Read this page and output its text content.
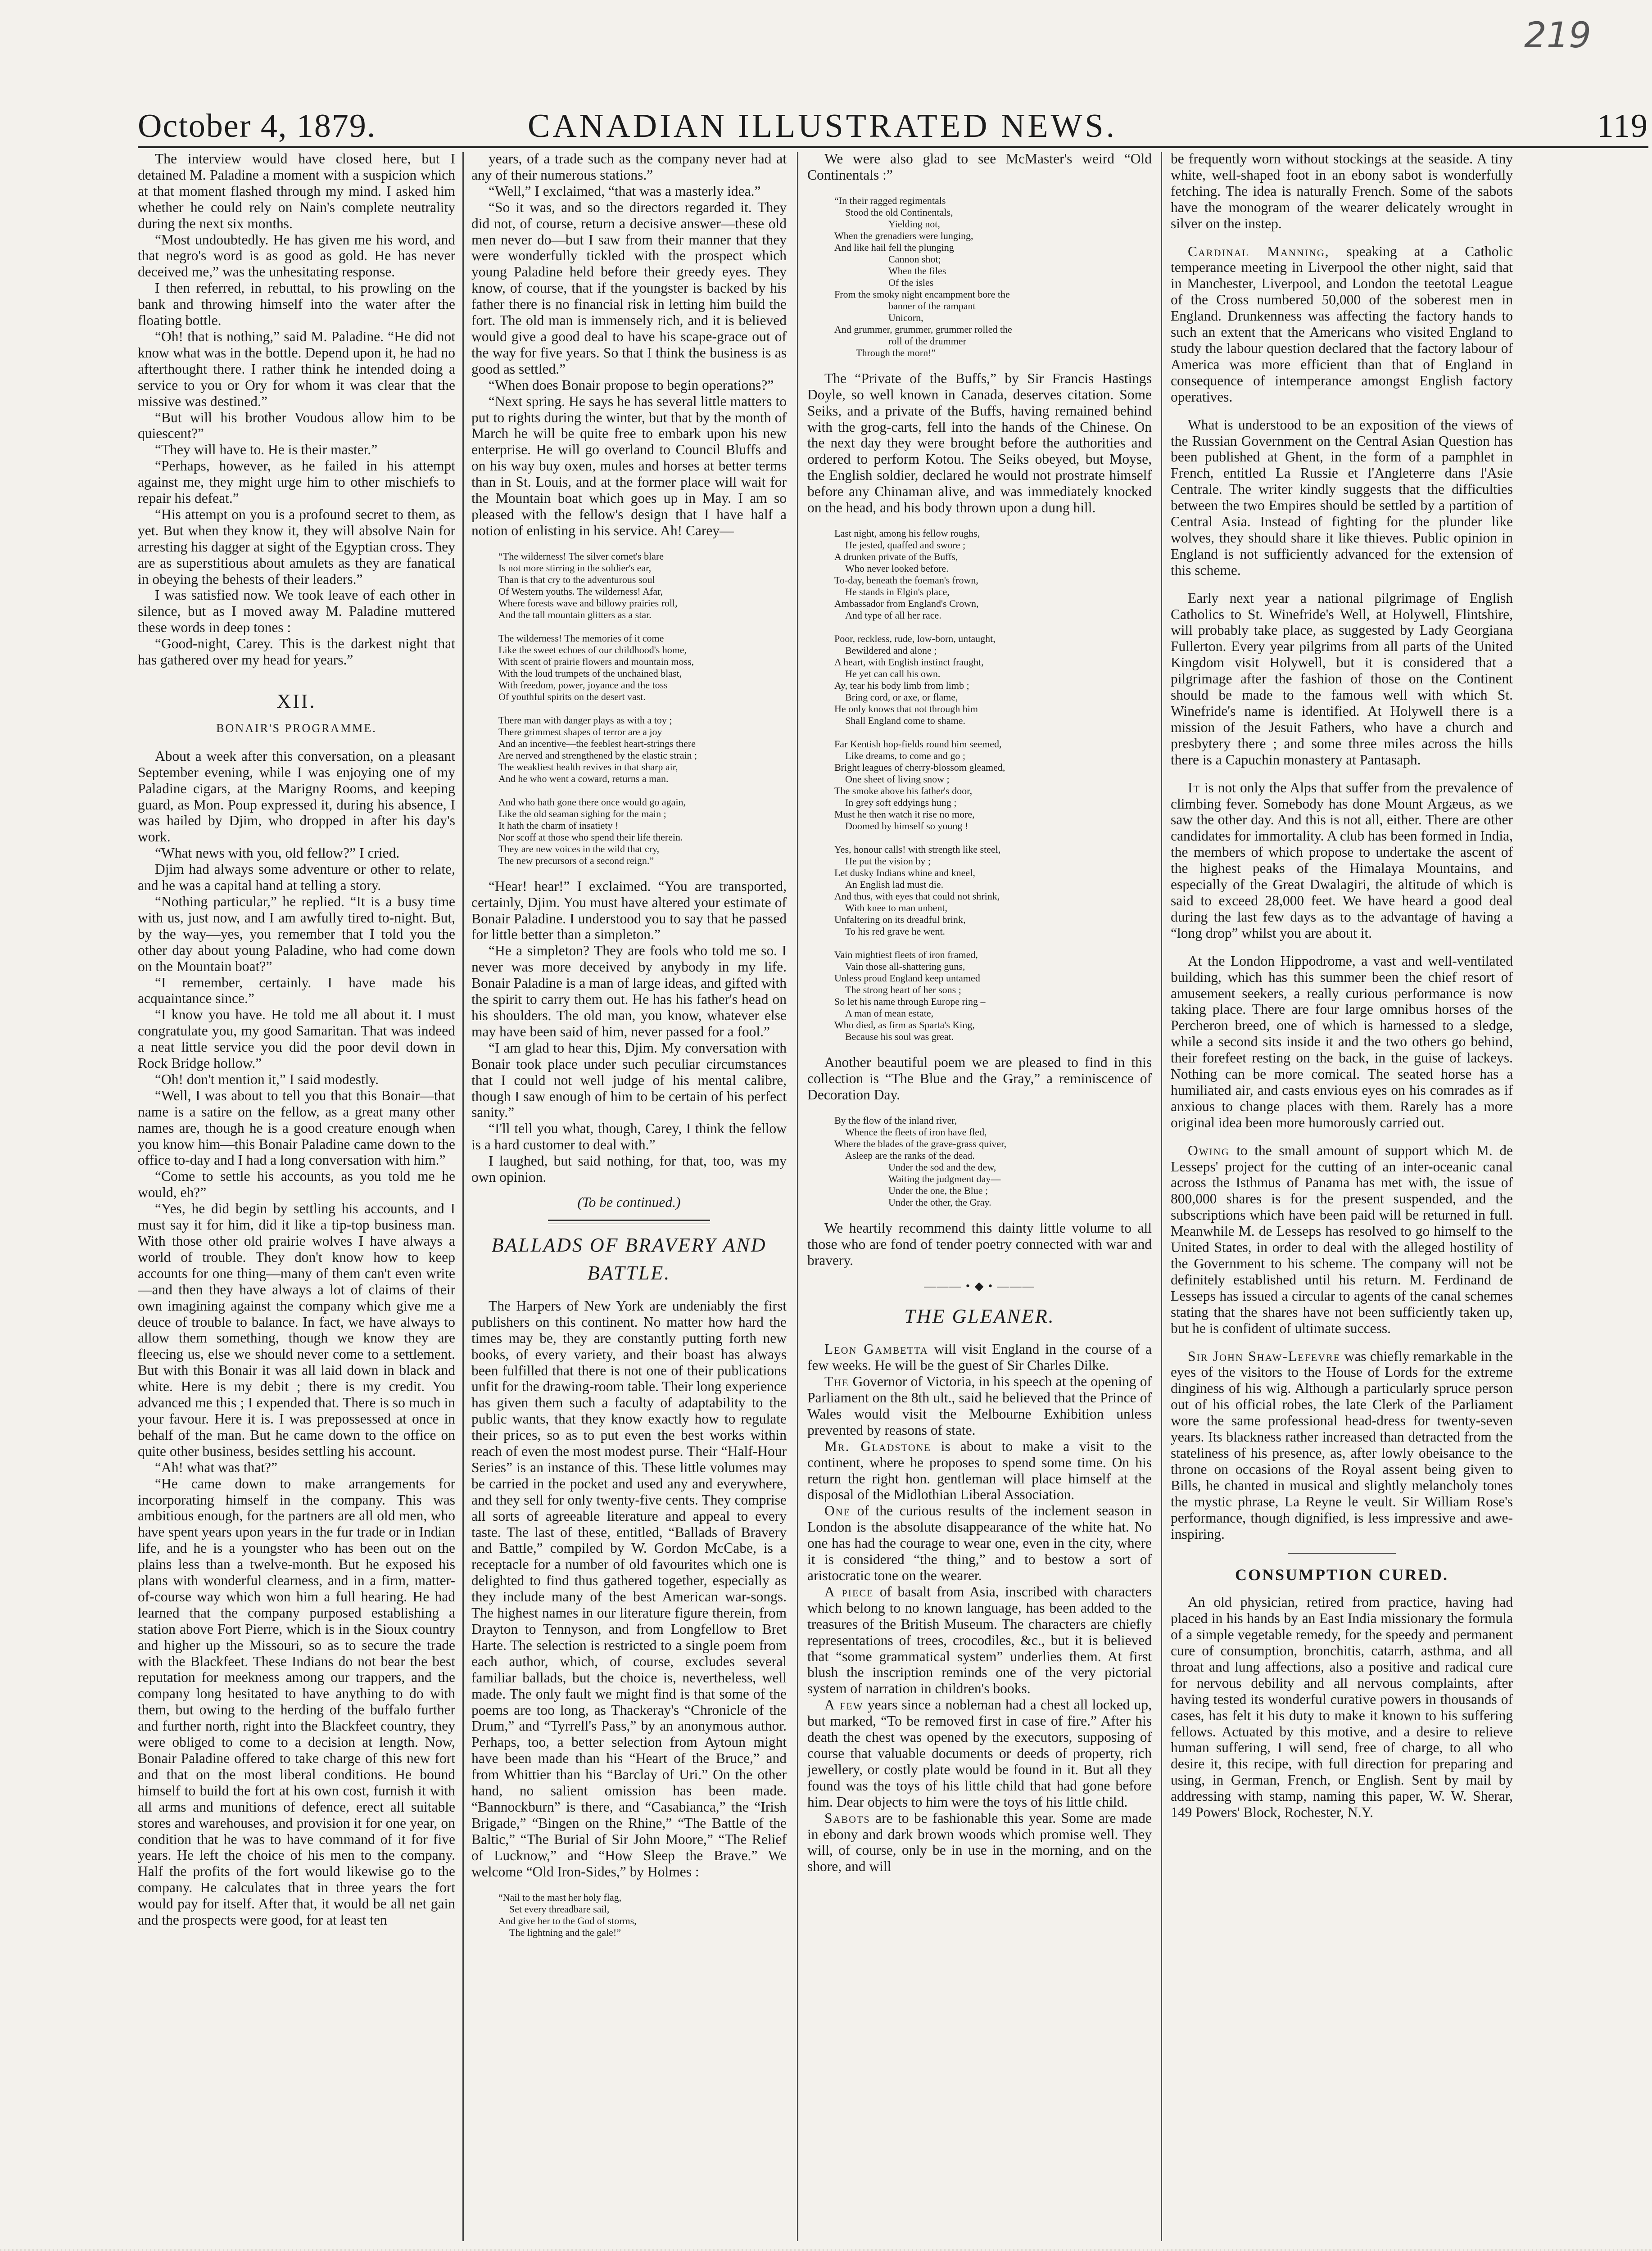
219
October 4, 1879.	CANADIAN ILLUSTRATED NEWS.	119

The interview would have closed here, but I detained M. Paladine a moment with a suspicion which at that moment flashed through my mind. I asked him whether he could rely on Nain's complete neutrality during the next six months.

“Most undoubtedly. He has given me his word, and that negro's word is as good as gold. He has never deceived me,” was the unhesitating response.

I then referred, in rebuttal, to his prowling on the bank and throwing himself into the water after the floating bottle.

“Oh! that is nothing,” said M. Paladine. “He did not know what was in the bottle. Depend upon it, he had no afterthought there. I rather think he intended doing a service to you or Ory for whom it was clear that the missive was destined.”

“But will his brother Voudous allow him to be quiescent?”

“They will have to. He is their master.”

“Perhaps, however, as he failed in his attempt against me, they might urge him to other mischiefs to repair his defeat.”

“His attempt on you is a profound secret to them, as yet. But when they know it, they will absolve Nain for arresting his dagger at sight of the Egyptian cross. They are as superstitious about amulets as they are fanatical in obeying the behests of their leaders.”

I was satisfied now. We took leave of each other in silence, but as I moved away M. Paladine muttered these words in deep tones :

“Good-night, Carey. This is the darkest night that has gathered over my head for years.”

XII.
BONAIR'S PROGRAMME.

About a week after this conversation, on a pleasant September evening, while I was enjoying one of my Paladine cigars, at the Marigny Rooms, and keeping guard, as Mon. Poup expressed it, during his absence, I was hailed by Djim, who dropped in after his day's work.

“What news with you, old fellow?” I cried.

Djim had always some adventure or other to relate, and he was a capital hand at telling a story.

“Nothing particular,” he replied. “It is a busy time with us, just now, and I am awfully tired to-night. But, by the way—yes, you remember that I told you the other day about young Paladine, who had come down on the Mountain boat?”

“I remember, certainly. I have made his acquaintance since.”

“I know you have. He told me all about it. I must congratulate you, my good Samaritan. That was indeed a neat little service you did the poor devil down in Rock Bridge hollow.”

“Oh! don't mention it,” I said modestly.

“Well, I was about to tell you that this Bonair—that name is a satire on the fellow, as a great many other names are, though he is a good creature enough when you know him—this Bonair Paladine came down to the office to-day and I had a long conversation with him.”

“Come to settle his accounts, as you told me he would, eh?”

“Yes, he did begin by settling his accounts, and I must say it for him, did it like a tip-top business man. With those other old prairie wolves I have always a world of trouble. They don't know how to keep accounts for one thing—many of them can't even write—and then they have always a lot of claims of their own imagining against the company which give me a deuce of trouble to balance. In fact, we have always to allow them something, though we know they are fleecing us, else we should never come to a settlement. But with this Bonair it was all laid down in black and white. Here is my debit ; there is my credit. You advanced me this ; I expended that. There is so much in your favour. Here it is. I was prepossessed at once in behalf of the man. But he came down to the office on quite other business, besides settling his account.

“Ah! what was that?”

“He came down to make arrangements for incorporating himself in the company. This was ambitious enough, for the partners are all old men, who have spent years upon years in the fur trade or in Indian life, and he is a youngster who has been out on the plains less than a twelve-month. But he exposed his plans with wonderful clearness, and in a firm, matter-of-course way which won him a full hearing. He had learned that the company purposed establishing a station above Fort Pierre, which is in the Sioux country and higher up the Missouri, so as to secure the trade with the Blackfeet. These Indians do not bear the best reputation for meekness among our trappers, and the company long hesitated to have anything to do with them, but owing to the herding of the buffalo further and further north, right into the Blackfeet country, they were obliged to come to a decision at length. Now, Bonair Paladine offered to take charge of this new fort and that on the most liberal conditions. He bound himself to build the fort at his own cost, furnish it with all arms and munitions of defence, erect all suitable stores and warehouses, and provision it for one year, on condition that he was to have command of it for five years. He left the choice of his men to the company. Half the profits of the fort would likewise go to the company. He calculates that in three years the fort would pay for itself. After that, it would be all net gain and the prospects were good, for at least ten

years, of a trade such as the company never had at any of their numerous stations.”

“Well,” I exclaimed, “that was a masterly idea.”

“So it was, and so the directors regarded it. They did not, of course, return a decisive answer—these old men never do—but I saw from their manner that they were wonderfully tickled with the prospect which young Paladine held before their greedy eyes. They know, of course, that if the youngster is backed by his father there is no financial risk in letting him build the fort. The old man is immensely rich, and it is believed would give a good deal to have his scape-grace out of the way for five years. So that I think the business is as good as settled.”

“When does Bonair propose to begin operations?”

“Next spring. He says he has several little matters to put to rights during the winter, but that by the month of March he will be quite free to embark upon his new enterprise. He will go overland to Council Bluffs and on his way buy oxen, mules and horses at better terms than in St. Louis, and at the former place will wait for the Mountain boat which goes up in May. I am so pleased with the fellow's design that I have half a notion of enlisting in his service. Ah! Carey—

“The wilderness! The silver cornet's blare
Is not more stirring in the soldier's ear,
Than is that cry to the adventurous soul
Of Western youths. The wilderness! Afar,
Where forests wave and billowy prairies roll,
And the tall mountain glitters as a star.
The wilderness! The memories of it come
Like the sweet echoes of our childhood's home,
With scent of prairie flowers and mountain moss,
With the loud trumpets of the unchained blast,
With freedom, power, joyance and the toss
Of youthful spirits on the desert vast.
There man with danger plays as with a toy ;
There grimmest shapes of terror are a joy
And an incentive—the feeblest heart-strings there
Are nerved and strengthened by the elastic strain ;
The weakliest health revives in that sharp air,
And he who went a coward, returns a man.
And who hath gone there once would go again,
Like the old seaman sighing for the main ;
It hath the charm of insatiety !
Nor scoff at those who spend their life therein.
They are new voices in the wild that cry,
The new precursors of a second reign.”

“Hear! hear!” I exclaimed. “You are transported, certainly, Djim. You must have altered your estimate of Bonair Paladine. I understood you to say that he passed for little better than a simpleton.”

“He a simpleton? They are fools who told me so. I never was more deceived by anybody in my life. Bonair Paladine is a man of large ideas, and gifted with the spirit to carry them out. He has his father's head on his shoulders. The old man, you know, whatever else may have been said of him, never passed for a fool.”

“I am glad to hear this, Djim. My conversation with Bonair took place under such peculiar circumstances that I could not well judge of his mental calibre, though I saw enough of him to be certain of his perfect sanity.”

“I'll tell you what, though, Carey, I think the fellow is a hard customer to deal with.”

I laughed, but said nothing, for that, too, was my own opinion.

(To be continued.)
BALLADS OF BRAVERY AND
BATTLE.

The Harpers of New York are undeniably the first publishers on this continent. No matter how hard the times may be, they are constantly putting forth new books, of every variety, and their boast has always been fulfilled that there is not one of their publications unfit for the drawing-room table. Their long experience has given them such a faculty of adaptability to the public wants, that they know exactly how to regulate their prices, so as to put even the best works within reach of even the most modest purse. Their “Half-Hour Series” is an instance of this. These little volumes may be carried in the pocket and used any and everywhere, and they sell for only twenty-five cents. They comprise all sorts of agreeable literature and appeal to every taste. The last of these, entitled, “Ballads of Bravery and Battle,” compiled by W. Gordon McCabe, is a receptacle for a number of old favourites which one is delighted to find thus gathered together, especially as they include many of the best American war-songs. The highest names in our literature figure therein, from Drayton to Tennyson, and from Longfellow to Bret Harte. The selection is restricted to a single poem from each author, which, of course, excludes several familiar ballads, but the choice is, nevertheless, well made. The only fault we might find is that some of the poems are too long, as Thackeray's “Chronicle of the Drum,” and “Tyrrell's Pass,” by an anonymous author. Perhaps, too, a better selection from Aytoun might have been made than his “Heart of the Bruce,” and from Whittier than his “Barclay of Uri.” On the other hand, no salient omission has been made. “Bannockburn” is there, and “Casabianca,” the “Irish Brigade,” “Bingen on the Rhine,” “The Battle of the Baltic,” “The Burial of Sir John Moore,” “The Relief of Lucknow,” and “How Sleep the Brave.” We welcome “Old Iron-Sides,” by Holmes :

“Nail to the mast her holy flag,
Set every threadbare sail,
And give her to the God of storms,
The lightning and the gale!”

We were also glad to see McMaster's weird “Old Continentals :”

“In their ragged regimentals
Stood the old Continentals,
Yielding not,
When the grenadiers were lunging,
And like hail fell the plunging
Cannon shot;
When the files
Of the isles
From the smoky night encampment bore the
banner of the rampant
Unicorn,
And grummer, grummer, grummer rolled the
roll of the drummer
Through the morn!”

The “Private of the Buffs,” by Sir Francis Hastings Doyle, so well known in Canada, deserves citation. Some Seiks, and a private of the Buffs, having remained behind with the grog-carts, fell into the hands of the Chinese. On the next day they were brought before the authorities and ordered to perform Kotou. The Seiks obeyed, but Moyse, the English soldier, declared he would not prostrate himself before any Chinaman alive, and was immediately knocked on the head, and his body thrown upon a dung hill.

Last night, among his fellow roughs,
He jested, quaffed and swore ;
A drunken private of the Buffs,
Who never looked before.
To-day, beneath the foeman's frown,
He stands in Elgin's place,
Ambassador from England's Crown,
And type of all her race.
Poor, reckless, rude, low-born, untaught,
Bewildered and alone ;
A heart, with English instinct fraught,
He yet can call his own.
Ay, tear his body limb from limb ;
Bring cord, or axe, or flame,
He only knows that not through him
Shall England come to shame.
Far Kentish hop-fields round him seemed,
Like dreams, to come and go ;
Bright leagues of cherry-blossom gleamed,
One sheet of living snow ;
The smoke above his father's door,
In grey soft eddyings hung ;
Must he then watch it rise no more,
Doomed by himself so young !
Yes, honour calls! with strength like steel,
He put the vision by ;
Let dusky Indians whine and kneel,
An English lad must die.
And thus, with eyes that could not shrink,
With knee to man unbent,
Unfaltering on its dreadful brink,
To his red grave he went.
Vain mightiest fleets of iron framed,
Vain those all-shattering guns,
Unless proud England keep untamed
The strong heart of her sons ;
So let his name through Europe ring –
A man of mean estate,
Who died, as firm as Sparta's King,
Because his soul was great.

Another beautiful poem we are pleased to find in this collection is “The Blue and the Gray,” a reminiscence of Decoration Day.

By the flow of the inland river,
Whence the fleets of iron have fled,
Where the blades of the grave-grass quiver,
Asleep are the ranks of the dead.
Under the sod and the dew,
Waiting the judgment day—
Under the one, the Blue ;
Under the other, the Gray.

We heartily recommend this dainty little volume to all those who are fond of tender poetry connected with war and bravery.

——— • ◆ • ———
THE GLEANER.

Leon Gambetta will visit England in the course of a few weeks. He will be the guest of Sir Charles Dilke.

The Governor of Victoria, in his speech at the opening of Parliament on the 8th ult., said he believed that the Prince of Wales would visit the Melbourne Exhibition unless prevented by reasons of state.

Mr. Gladstone is about to make a visit to the continent, where he proposes to spend some time. On his return the right hon. gentleman will place himself at the disposal of the Midlothian Liberal Association.

One of the curious results of the inclement season in London is the absolute disappearance of the white hat. No one has had the courage to wear one, even in the city, where it is considered “the thing,” and to bestow a sort of aristocratic tone on the wearer.

A piece of basalt from Asia, inscribed with characters which belong to no known language, has been added to the treasures of the British Museum. The characters are chiefly representations of trees, crocodiles, &c., but it is believed that “some grammatical system” underlies them. At first blush the inscription reminds one of the very pictorial system of narration in children's books.

A few years since a nobleman had a chest all locked up, but marked, “To be removed first in case of fire.” After his death the chest was opened by the executors, supposing of course that valuable documents or deeds of property, rich jewellery, or costly plate would be found in it. But all they found was the toys of his little child that had gone before him. Dear objects to him were the toys of his little child.

Sabots are to be fashionable this year. Some are made in ebony and dark brown woods which promise well. They will, of course, only be in use in the morning, and on the shore, and will

be frequently worn without stockings at the seaside. A tiny white, well-shaped foot in an ebony sabot is wonderfully fetching. The idea is naturally French. Some of the sabots have the monogram of the wearer delicately wrought in silver on the instep.

Cardinal Manning, speaking at a Catholic temperance meeting in Liverpool the other night, said that in Manchester, Liverpool, and London the teetotal League of the Cross numbered 50,000 of the soberest men in England. Drunkenness was affecting the factory hands to such an extent that the Americans who visited England to study the labour question declared that the factory labour of America was more efficient than that of England in consequence of intemperance amongst English factory operatives.

What is understood to be an exposition of the views of the Russian Government on the Central Asian Question has been published at Ghent, in the form of a pamphlet in French, entitled La Russie et l'Angleterre dans l'Asie Centrale. The writer kindly suggests that the difficulties between the two Empires should be settled by a partition of Central Asia. Instead of fighting for the plunder like wolves, they should share it like thieves. Public opinion in England is not sufficiently advanced for the extension of this scheme.

Early next year a national pilgrimage of English Catholics to St. Winefride's Well, at Holywell, Flintshire, will probably take place, as suggested by Lady Georgiana Fullerton. Every year pilgrims from all parts of the United Kingdom visit Holywell, but it is considered that a pilgrimage after the fashion of those on the Continent should be made to the famous well with which St. Winefride's name is identified. At Holywell there is a mission of the Jesuit Fathers, who have a church and presbytery there ; and some three miles across the hills there is a Capuchin monastery at Pantasaph.

It is not only the Alps that suffer from the prevalence of climbing fever. Somebody has done Mount Argæus, as we saw the other day. And this is not all, either. There are other candidates for immortality. A club has been formed in India, the members of which propose to undertake the ascent of the highest peaks of the Himalaya Mountains, and especially of the Great Dwalagiri, the altitude of which is said to exceed 28,000 feet. We have heard a good deal during the last few days as to the advantage of having a “long drop” whilst you are about it.

At the London Hippodrome, a vast and well-ventilated building, which has this summer been the chief resort of amusement seekers, a really curious performance is now taking place. There are four large omnibus horses of the Percheron breed, one of which is harnessed to a sledge, while a second sits inside it and the two others go behind, their forefeet resting on the back, in the guise of lackeys. Nothing can be more comical. The seated horse has a humiliated air, and casts envious eyes on his comrades as if anxious to change places with them. Rarely has a more original idea been more humorously carried out.

Owing to the small amount of support which M. de Lesseps' project for the cutting of an inter-oceanic canal across the Isthmus of Panama has met with, the issue of 800,000 shares is for the present suspended, and the subscriptions which have been paid will be returned in full. Meanwhile M. de Lesseps has resolved to go himself to the United States, in order to deal with the alleged hostility of the Government to his scheme. The company will not be definitely established until his return. M. Ferdinand de Lesseps has issued a circular to agents of the canal schemes stating that the shares have not been sufficiently taken up, but he is confident of ultimate success.

Sir John Shaw-Lefevre was chiefly remarkable in the eyes of the visitors to the House of Lords for the extreme dinginess of his wig. Although a particularly spruce person out of his official robes, the late Clerk of the Parliament wore the same professional head-dress for twenty-seven years. Its blackness rather increased than detracted from the stateliness of his presence, as, after lowly obeisance to the throne on occasions of the Royal assent being given to Bills, he chanted in musical and slightly melancholy tones the mystic phrase, La Reyne le veult. Sir William Rose's performance, though dignified, is less impressive and awe-inspiring.

CONSUMPTION CURED.

An old physician, retired from practice, having had placed in his hands by an East India missionary the formula of a simple vegetable remedy, for the speedy and permanent cure of consumption, bronchitis, catarrh, asthma, and all throat and lung affections, also a positive and radical cure for nervous debility and all nervous complaints, after having tested its wonderful curative powers in thousands of cases, has felt it his duty to make it known to his suffering fellows. Actuated by this motive, and a desire to relieve human suffering, I will send, free of charge, to all who desire it, this recipe, with full direction for preparing and using, in German, French, or English. Sent by mail by addressing with stamp, naming this paper, W. W. Sherar, 149 Powers' Block, Rochester, N.Y.
